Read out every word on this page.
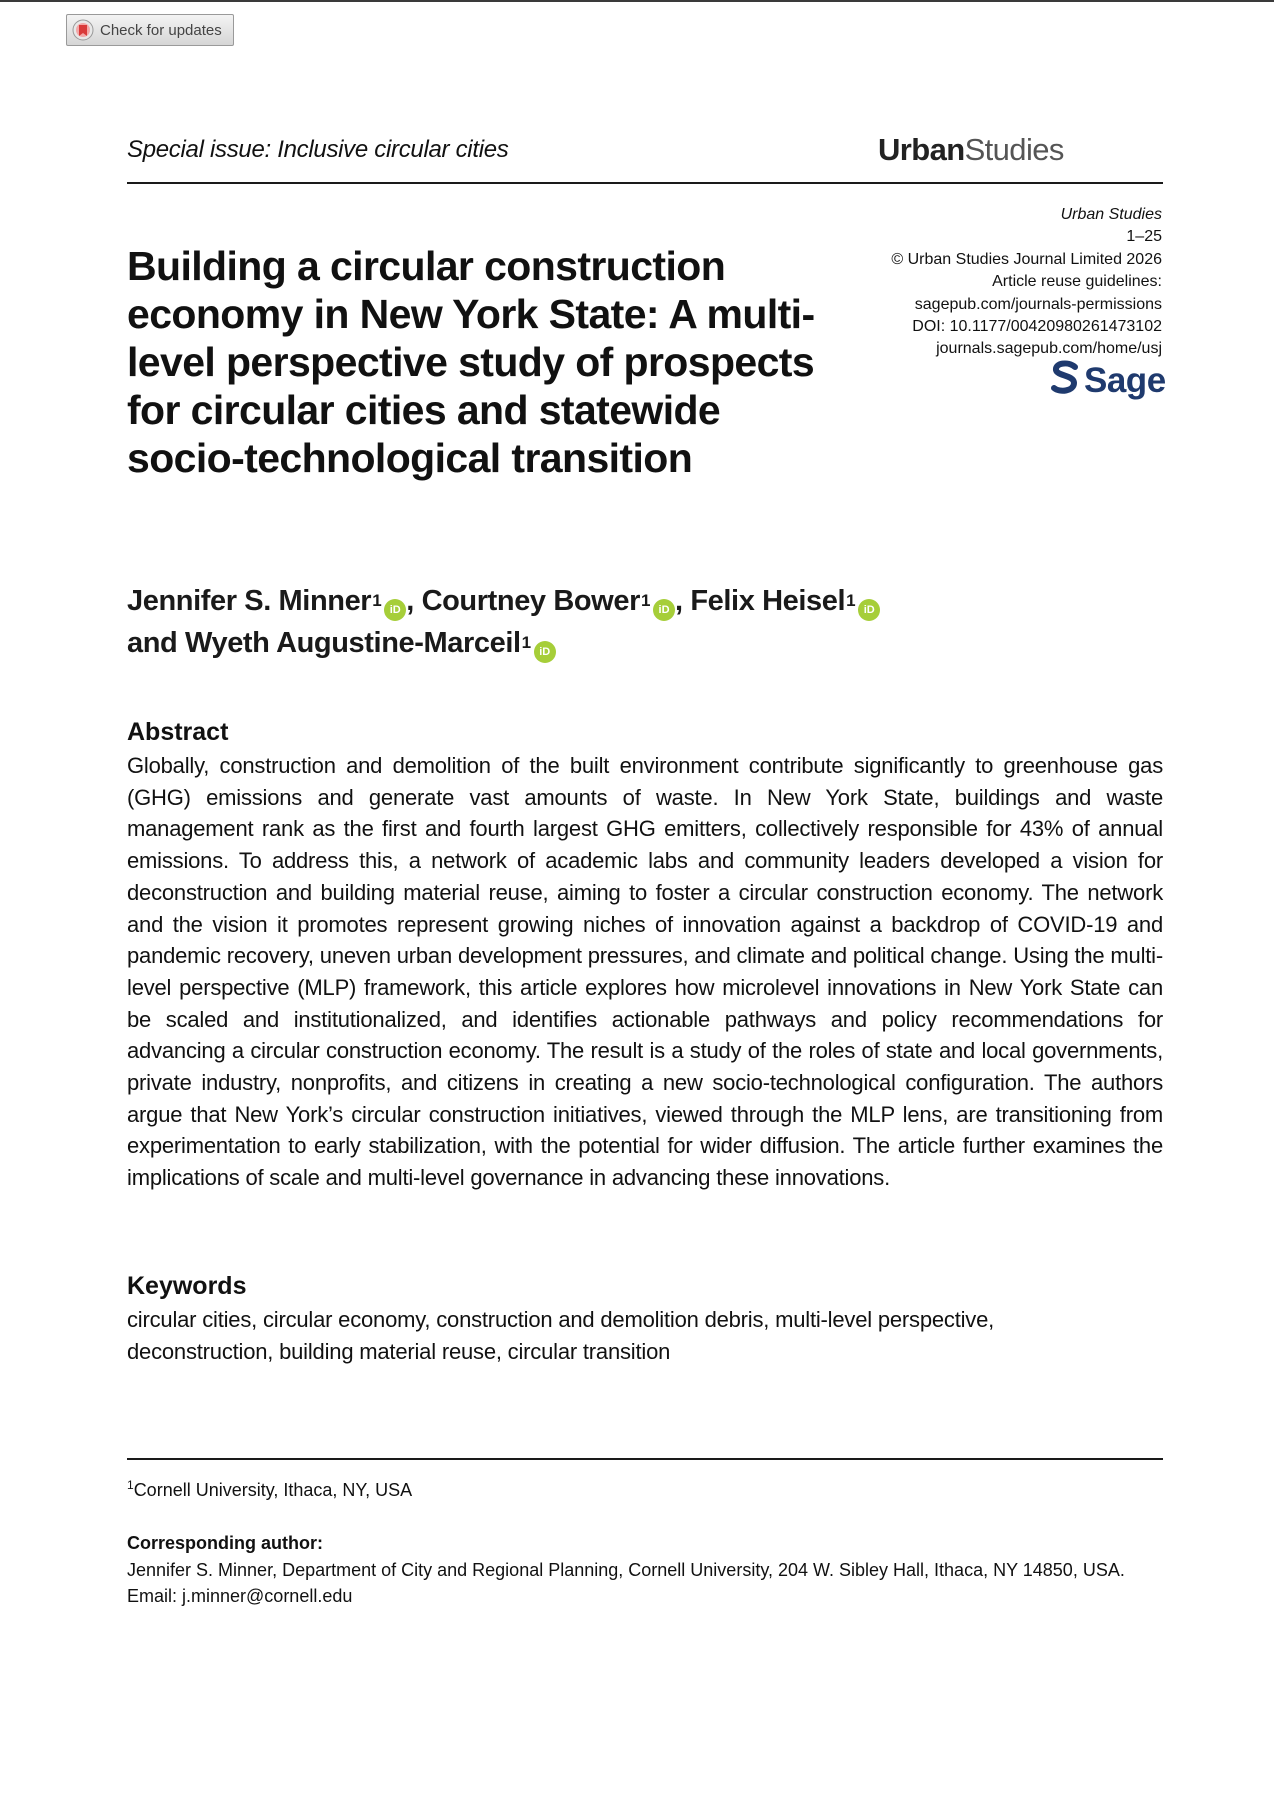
Check for updates
Special issue: Inclusive circular cities	UrbanStudies
Urban Studies
1–25
© Urban Studies Journal Limited 2026
Article reuse guidelines:
sagepub.com/journals-permissions
DOI: 10.1177/00420980261473102
journals.sagepub.com/home/usj
Sage
Building a circular construction economy in New York State: A multi-level perspective study of prospects for circular cities and statewide socio-technological transition
Jennifer S. Minner$^1$ iD , Courtney Bower$^1$ iD , Felix Heisel$^1$ iD
and Wyeth Augustine-Marceil$^1$ iD
Abstract

Globally, construction and demolition of the built environment contribute significantly to greenhouse gas (GHG) emissions and generate vast amounts of waste. In New York State, buildings and waste management rank as the first and fourth largest GHG emitters, collectively responsible for 43% of annual emissions. To address this, a network of academic labs and community leaders developed a vision for deconstruction and building material reuse, aiming to foster a circular construction economy. The network and the vision it promotes represent growing niches of innovation against a backdrop of COVID-19 and pandemic recovery, uneven urban development pressures, and climate and political change. Using the multi-level perspective (MLP) framework, this article explores how microlevel innovations in New York State can be scaled and institutionalized, and identifies actionable pathways and policy recommendations for advancing a circular construction economy. The result is a study of the roles of state and local governments, private industry, nonprofits, and citizens in creating a new socio-technological configuration. The authors argue that New York’s circular construction initiatives, viewed through the MLP lens, are transitioning from experimentation to early stabilization, with the potential for wider diffusion. The article further examines the implications of scale and multi-level governance in advancing these innovations.

Keywords

circular cities, circular economy, construction and demolition debris, multi-level perspective, deconstruction, building material reuse, circular transition

$^1$Cornell University, Ithaca, NY, USA
Corresponding author:
Jennifer S. Minner, Department of City and Regional Planning, Cornell University, 204 W. Sibley Hall, Ithaca, NY 14850, USA.
Email: j.minner@cornell.edu
